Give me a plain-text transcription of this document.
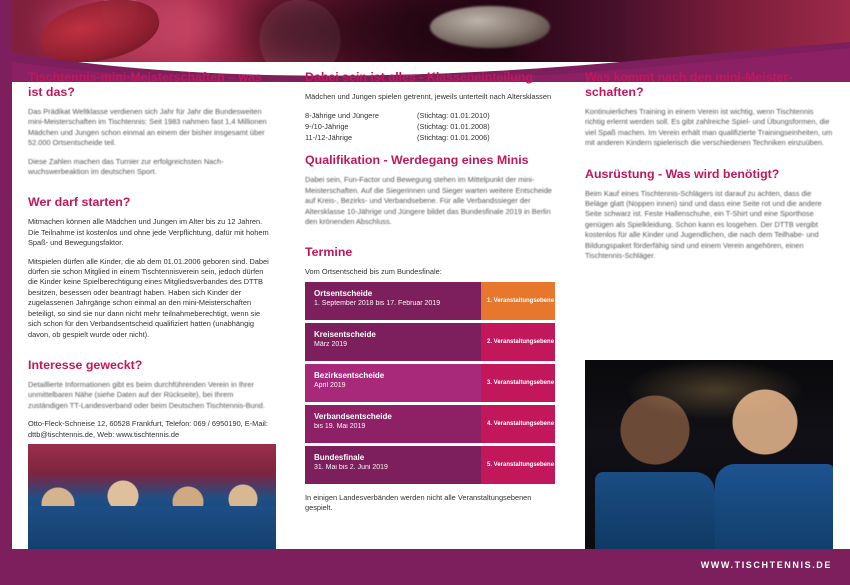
Tischtennis-mini-Meisterschaften – was ist das?

Das Prädikat Weltklasse verdienen sich Jahr für Jahr die Bundesweiten mini-Meisterschaften im Tischtennis: Seit 1983 nahmen fast 1,4 Millionen Mädchen und Jungen schon einmal an einem der bisher insgesamt über 52.000 Ortsentscheide teil.

Diese Zahlen machen das Turnier zur erfolgreichsten Nachwuchswerbeaktion im deutschen Sport.

Wer darf starten?

Mitmachen können alle Mädchen und Jungen im Alter bis zu 12 Jahren. Die Teilnahme ist kostenlos und ohne jede Verpflichtung, dafür mit hohem Spaß- und Bewegungsfaktor.

Mitspielen dürfen alle Kinder, die ab dem 01.01.2006 geboren sind. Dabei dürfen sie schon Mitglied in einem Tischtennisverein sein, jedoch dürfen die Kinder keine Spielberechtigung eines Mitgliedsverbandes des DTTB besitzen, besessen oder beantragt haben. Haben sich Kinder der zugelassenen Jahrgänge schon einmal an den mini-Meisterschaften beteiligt, so sind sie nur dann nicht mehr teilnahmeberechtigt, wenn sie sich schon für den Verbandsentscheid qualifiziert hatten (unabhängig davon, ob gespielt wurde oder nicht).

Interesse geweckt?

Detaillierte Informationen gibt es beim durchführenden Verein in Ihrer unmittelbaren Nähe (siehe Daten auf der Rückseite), bei Ihrem zuständigen TT-Landesverband oder beim Deutschen Tischtennis-Bund.

Otto-Fleck-Schneise 12, 60528 Frankfurt, Telefon: 069 / 6950190, E-Mail: dttb@tischtennis.de, Web: www.tischtennis.de

Dabei sein ist alles - Klasseneinteilung

Mädchen und Jungen spielen getrennt, jeweils unterteilt nach Altersklassen

8-Jährige und Jüngere	(Stichtag: 01.01.2010)
9-/10-Jährige	(Stichtag: 01.01.2008)
11-/12-Jährige	(Stichtag: 01.01.2006)
Qualifikation - Werdegang eines Minis

Dabei sein, Fun-Factor und Bewegung stehen im Mittelpunkt der mini-Meisterschaften. Auf die Siegerinnen und Sieger warten weitere Entscheide auf Kreis-, Bezirks- und Verbandsebene. Für alle Verbandssieger der Altersklasse 10-Jährige und Jüngere bildet das Bundesfinale 2019 in Berlin den krönenden Abschluss.

Termine

Vom Ortsentscheid bis zum Bundesfinale:

Ortsentscheide
1. September 2018 bis 17. Februar 2019	1. Veranstaltungsebene
Kreisentscheide
März 2019	2. Veranstaltungsebene
Bezirksentscheide
April 2019	3. Veranstaltungsebene
Verbandsentscheide
bis 19. Mai 2019	4. Veranstaltungsebene
Bundesfinale
31. Mai bis 2. Juni 2019	5. Veranstaltungsebene
In einigen Landesverbänden werden nicht alle Veranstaltungsebenen gespielt.
Was kommt nach den mini-Meisterschaften?

Kontinuierliches Training in einem Verein ist wichtig, wenn Tischtennis richtig erlernt werden soll. Es gibt zahlreiche Spiel- und Übungsformen, die viel Spaß machen. Im Verein erhält man qualifizierte Trainingseinheiten, um mit anderen Kindern spielerisch die verschiedenen Techniken einzuüben.

Ausrüstung - Was wird benötigt?

Beim Kauf eines Tischtennis-Schlägers ist darauf zu achten, dass die Beläge glatt (Noppen innen) sind und dass eine Seite rot und die andere Seite schwarz ist. Feste Hallenschuhe, ein T-Shirt und eine Sporthose genügen als Spielkleidung. Schon kann es losgehen. Der DTTB vergibt kostenlos für alle Kinder und Jugendlichen, die nach dem Teilhabe- und Bildungspaket förderfähig sind und einem Verein angehören, einen Tischtennis-Schläger.

WWW.TISCHTENNIS.DE
